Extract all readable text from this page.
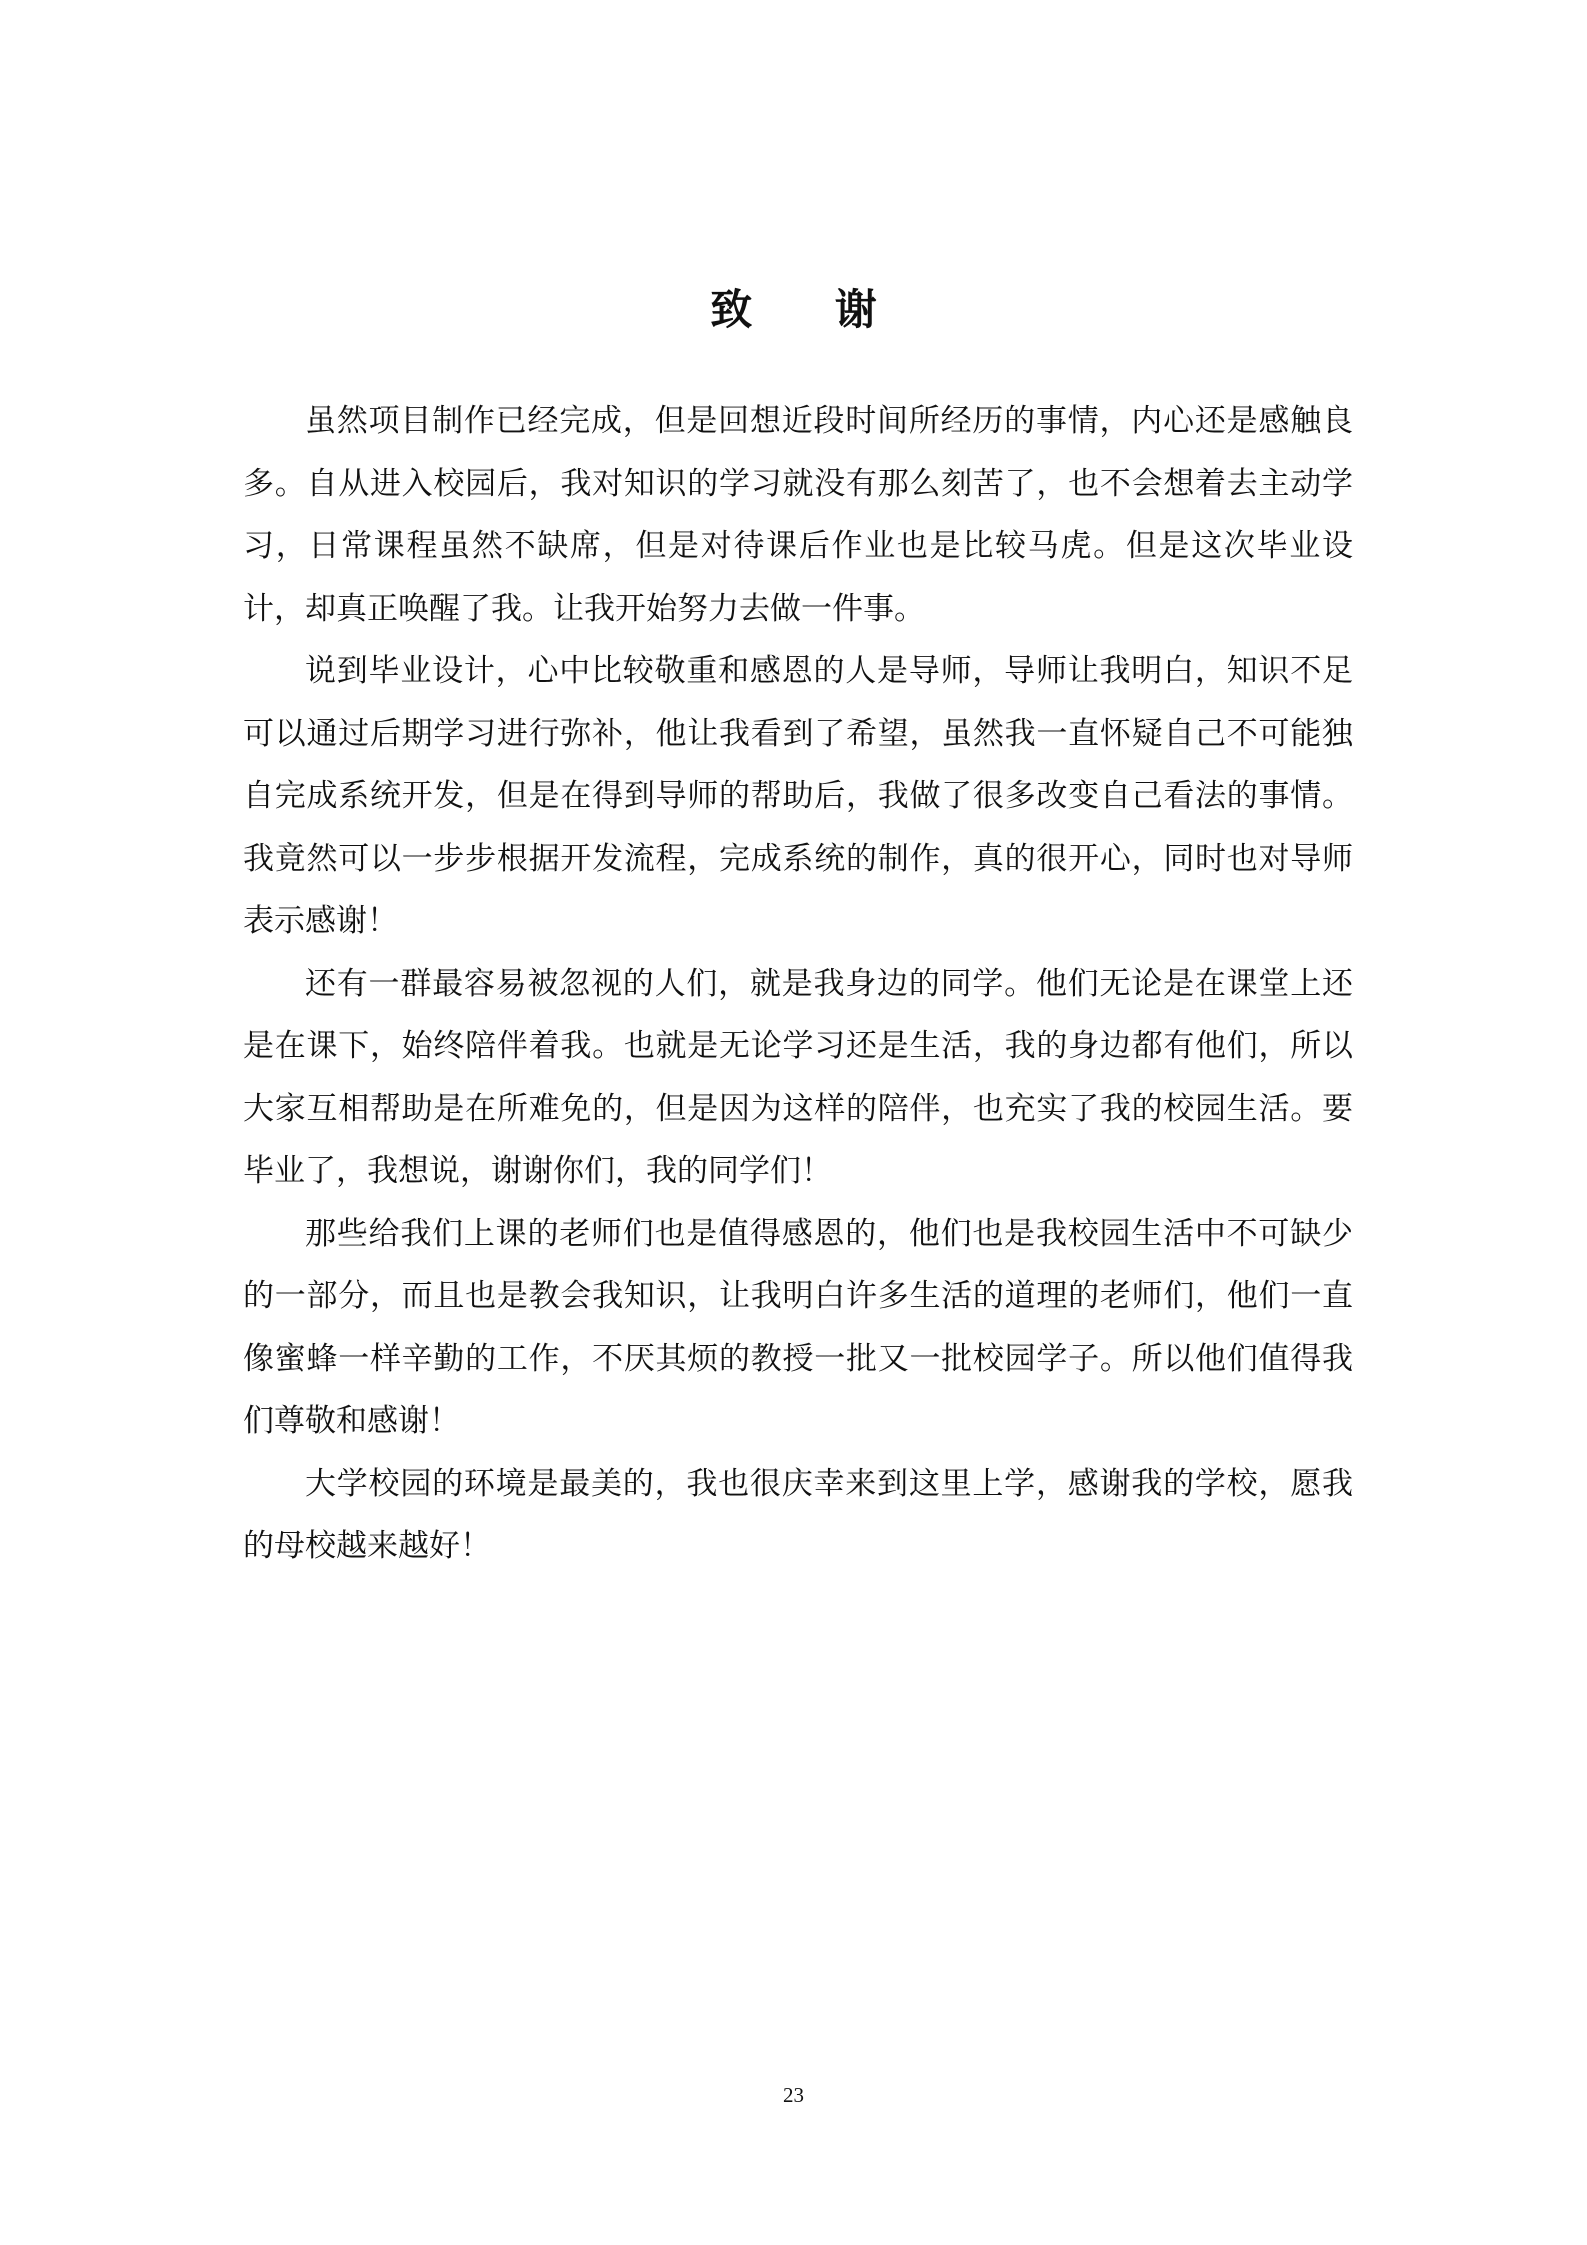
致 谢

虽然项目制作已经完成，但是回想近段时间所经历的事情，内心还是感触良多。自从进入校园后，我对知识的学习就没有那么刻苦了，也不会想着去主动学习，日常课程虽然不缺席，但是对待课后作业也是比较马虎。但是这次毕业设计，却真正唤醒了我。让我开始努力去做一件事。

说到毕业设计，心中比较敬重和感恩的人是导师，导师让我明白，知识不足可以通过后期学习进行弥补，他让我看到了希望，虽然我一直怀疑自己不可能独自完成系统开发，但是在得到导师的帮助后，我做了很多改变自己看法的事情。我竟然可以一步步根据开发流程，完成系统的制作，真的很开心，同时也对导师表示感谢！

还有一群最容易被忽视的人们，就是我身边的同学。他们无论是在课堂上还是在课下，始终陪伴着我。也就是无论学习还是生活，我的身边都有他们，所以大家互相帮助是在所难免的，但是因为这样的陪伴，也充实了我的校园生活。要毕业了，我想说，谢谢你们，我的同学们！

那些给我们上课的老师们也是值得感恩的，他们也是我校园生活中不可缺少的一部分，而且也是教会我知识，让我明白许多生活的道理的老师们，他们一直像蜜蜂一样辛勤的工作，不厌其烦的教授一批又一批校园学子。所以他们值得我们尊敬和感谢！

大学校园的环境是最美的，我也很庆幸来到这里上学，感谢我的学校，愿我的母校越来越好！

23
